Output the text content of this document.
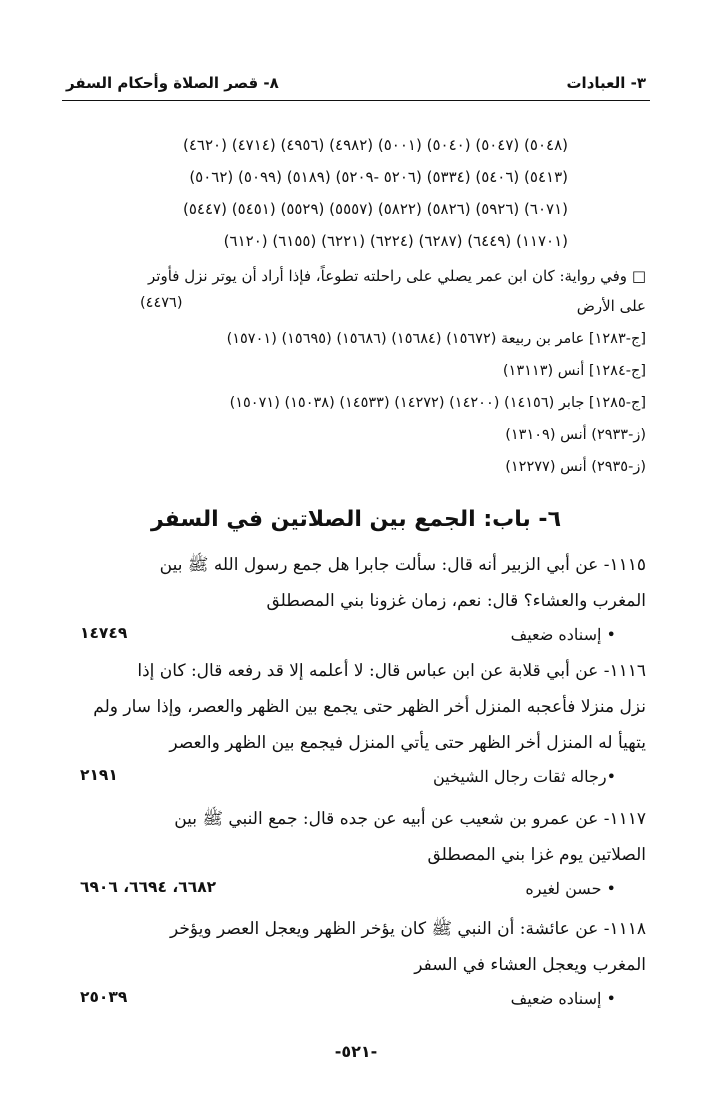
٣- العبادات
٨- قصر الصلاة وأحكام السفر
(٤٦٢٠) (٤٧١٤) (٤٩٥٦) (٤٩٨٢) (٥٠٠١) (٥٠٤٠) (٥٠٤٧) (٥٠٤٨)
(٥٠٦٢) (٥٠٩٩) (٥١٨٩) (٥٢٠٦ -٥٢٠٩) (٥٣٣٤) (٥٤٠٦) (٥٤١٣)
(٥٤٤٧) (٥٤٥١) (٥٥٢٩) (٥٥٥٧) (٥٨٢٢) (٥٨٢٦) (٥٩٢٦) (٦٠٧١)
(٦١٢٠) (٦١٥٥) (٦٢٢١) (٦٢٢٤) (٦٢٨٧) (٦٤٤٩) (١١٧٠١)
□ وفي رواية: كان ابن عمر يصلي على راحلته تطوعاً، فإذا أراد أن يوتر نزل فأوتر
على الأرض
(٤٤٧٦)
[ج-١٢٨٣] عامر بن ربيعة (١٥٦٧٢) (١٥٦٨٤) (١٥٦٨٦) (١٥٦٩٥) (١٥٧٠١)
[ج-١٢٨٤] أنس (١٣١١٣)
[ج-١٢٨٥] جابر (١٤١٥٦) (١٤٢٠٠) (١٤٢٧٢) (١٤٥٣٣) (١٥٠٣٨) (١٥٠٧١)
(ز-٢٩٣٣) أنس (١٣١٠٩)
(ز-٢٩٣٥) أنس (١٢٢٧٧)
٦- باب: الجمع بين الصلاتين في السفر
١١١٥- عن أبي الزبير أنه قال: سألت جابرا هل جمع رسول الله ﷺ بين
المغرب والعشاء؟ قال: نعم، زمان غزونا بني المصطلق
• إسناده ضعيف
١٤٧٤٩
١١١٦- عن أبي قلابة عن ابن عباس قال: لا أعلمه إلا قد رفعه قال: كان إذا
نزل منزلا فأعجبه المنزل أخر الظهر حتى يجمع بين الظهر والعصر، وإذا سار ولم
يتهيأ له المنزل أخر الظهر حتى يأتي المنزل فيجمع بين الظهر والعصر
•رجاله ثقات رجال الشيخين
٢١٩١
١١١٧- عن عمرو بن شعيب عن أبيه عن جده قال: جمع النبي ﷺ بين
الصلاتين يوم غزا بني المصطلق
• حسن لغيره
٦٦٨٢، ٦٦٩٤، ٦٩٠٦
١١١٨- عن عائشة: أن النبي ﷺ كان يؤخر الظهر ويعجل العصر ويؤخر
المغرب ويعجل العشاء في السفر
• إسناده ضعيف
٢٥٠٣٩
-٥٢١-
